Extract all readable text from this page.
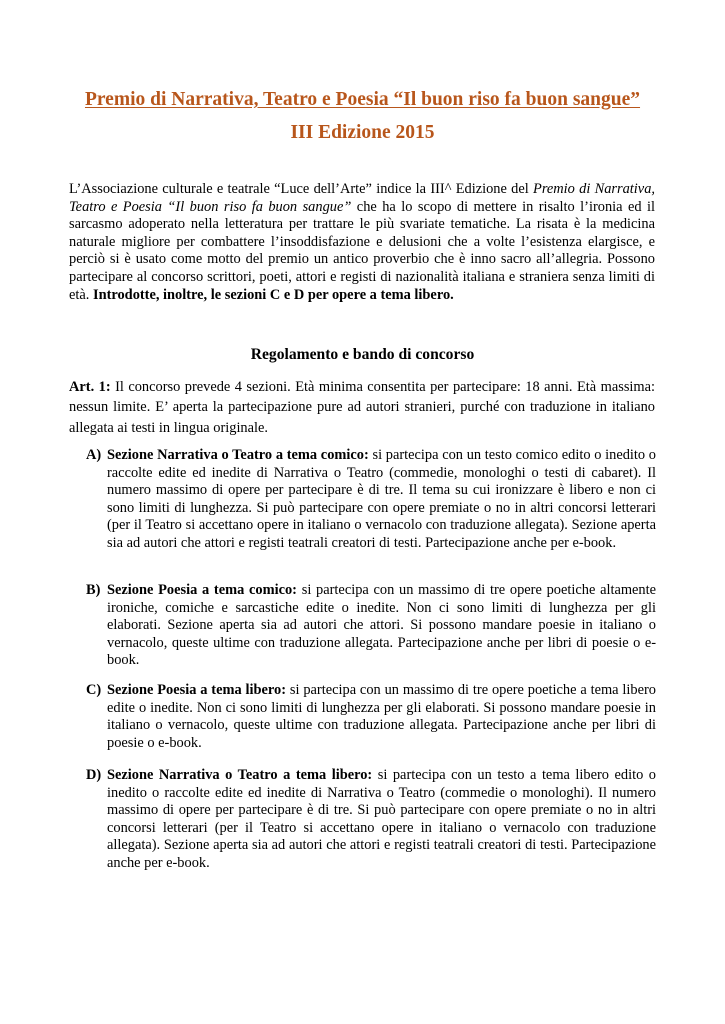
Premio di Narrativa, Teatro e Poesia “Il buon riso fa buon sangue”
III Edizione 2015
L’Associazione culturale e teatrale “Luce dell’Arte” indice la III^ Edizione del Premio di Narrativa, Teatro e Poesia “Il buon riso fa buon sangue” che ha lo scopo di mettere in risalto l’ironia ed il sarcasmo adoperato nella letteratura per trattare le più svariate tematiche. La risata è la medicina naturale migliore per combattere l’insoddisfazione e delusioni che a volte l’esistenza elargisce, e perciò si è usato come motto del premio un antico proverbio che è inno sacro all’allegria. Possono partecipare al concorso scrittori, poeti, attori e registi di nazionalità italiana e straniera senza limiti di età. Introdotte, inoltre, le sezioni C e D per opere a tema libero.
Regolamento e bando di concorso
Art. 1: Il concorso prevede 4 sezioni. Età minima consentita per partecipare: 18 anni. Età massima: nessun limite. E’ aperta la partecipazione pure ad autori stranieri, purché con traduzione in italiano allegata ai testi in lingua originale.
A) Sezione Narrativa o Teatro a tema comico: si partecipa con un testo comico edito o inedito o raccolte edite ed inedite di Narrativa o Teatro (commedie, monologhi o testi di cabaret). Il numero massimo di opere per partecipare è di tre. Il tema su cui ironizzare è libero e non ci sono limiti di lunghezza. Si può partecipare con opere premiate o no in altri concorsi letterari (per il Teatro si accettano opere in italiano o vernacolo con traduzione allegata). Sezione aperta sia ad autori che attori e registi teatrali creatori di testi. Partecipazione anche per e-book.
B) Sezione Poesia a tema comico: si partecipa con un massimo di tre opere poetiche altamente ironiche, comiche e sarcastiche edite o inedite. Non ci sono limiti di lunghezza per gli elaborati. Sezione aperta sia ad autori che attori. Si possono mandare poesie in italiano o vernacolo, queste ultime con traduzione allegata. Partecipazione anche per libri di poesie o e-book.
C) Sezione Poesia a tema libero: si partecipa con un massimo di tre opere poetiche a tema libero edite o inedite. Non ci sono limiti di lunghezza per gli elaborati. Si possono mandare poesie in italiano o vernacolo, queste ultime con traduzione allegata. Partecipazione anche per libri di poesie o e-book.
D) Sezione Narrativa o Teatro a tema libero: si partecipa con un testo a tema libero edito o inedito o raccolte edite ed inedite di Narrativa o Teatro (commedie o monologhi). Il numero massimo di opere per partecipare è di tre. Si può partecipare con opere premiate o no in altri concorsi letterari (per il Teatro si accettano opere in italiano o vernacolo con traduzione allegata). Sezione aperta sia ad autori che attori e registi teatrali creatori di testi. Partecipazione anche per e-book.
